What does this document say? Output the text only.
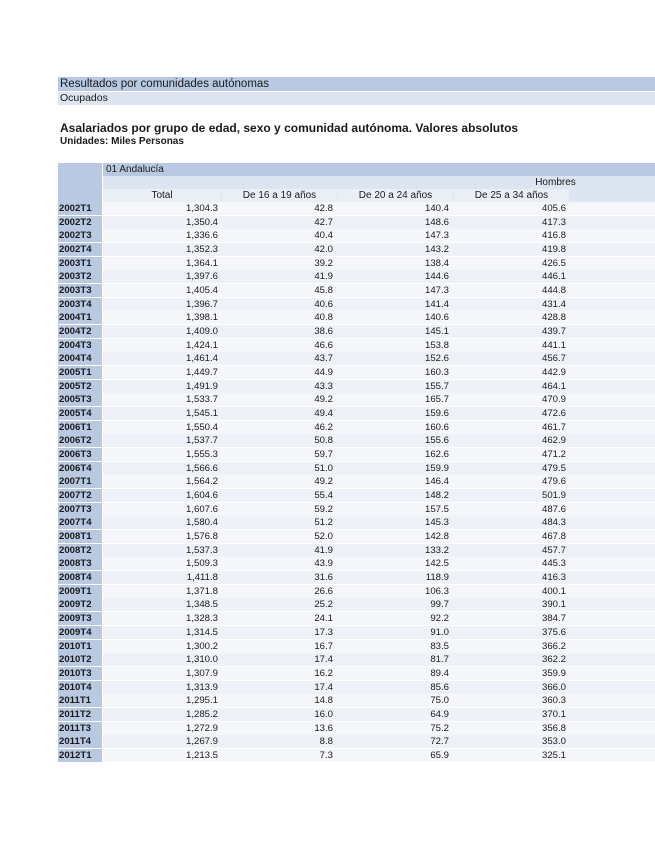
Resultados por comunidades autónomas
Ocupados
Asalariados por grupo de edad, sexo y comunidad autónoma. Valores absolutos
Unidades: Miles Personas
01 Andalucía
Hombres
Total	De 16 a 19 años	De 20 a 24 años	De 25 a 34 años
2002T1	1,304.3	42.8	140.4	405.6
2002T2	1,350.4	42.7	148.6	417.3
2002T3	1,336.6	40.4	147.3	416.8
2002T4	1,352.3	42.0	143.2	419.8
2003T1	1,364.1	39.2	138.4	426.5
2003T2	1,397.6	41.9	144.6	446.1
2003T3	1,405.4	45.8	147.3	444.8
2003T4	1,396.7	40.6	141.4	431.4
2004T1	1,398.1	40.8	140.6	428.8
2004T2	1,409.0	38.6	145.1	439.7
2004T3	1,424.1	46.6	153.8	441.1
2004T4	1,461.4	43.7	152.6	456.7
2005T1	1,449.7	44.9	160.3	442.9
2005T2	1,491.9	43.3	155.7	464.1
2005T3	1,533.7	49.2	165.7	470.9
2005T4	1,545.1	49.4	159.6	472.6
2006T1	1,550.4	46.2	160.6	461.7
2006T2	1,537.7	50.8	155.6	462.9
2006T3	1,555.3	59.7	162.6	471.2
2006T4	1,566.6	51.0	159.9	479.5
2007T1	1,564.2	49.2	146.4	479.6
2007T2	1,604.6	55.4	148.2	501.9
2007T3	1,607.6	59.2	157.5	487.6
2007T4	1,580.4	51.2	145.3	484.3
2008T1	1,576.8	52.0	142.8	467.8
2008T2	1,537.3	41.9	133.2	457.7
2008T3	1,509.3	43.9	142.5	445.3
2008T4	1,411.8	31.6	118.9	416.3
2009T1	1,371.8	26.6	106.3	400.1
2009T2	1,348.5	25.2	99.7	390.1
2009T3	1,328.3	24.1	92.2	384.7
2009T4	1,314.5	17.3	91.0	375.6
2010T1	1,300.2	16.7	83.5	366.2
2010T2	1,310.0	17.4	81.7	362.2
2010T3	1,307.9	16.2	89.4	359.9
2010T4	1,313.9	17.4	85.6	366.0
2011T1	1,295.1	14.8	75.0	360.3
2011T2	1,285.2	16.0	64.9	370.1
2011T3	1,272.9	13.6	75.2	356.8
2011T4	1,267.9	8.8	72.7	353.0
2012T1	1,213.5	7.3	65.9	325.1
